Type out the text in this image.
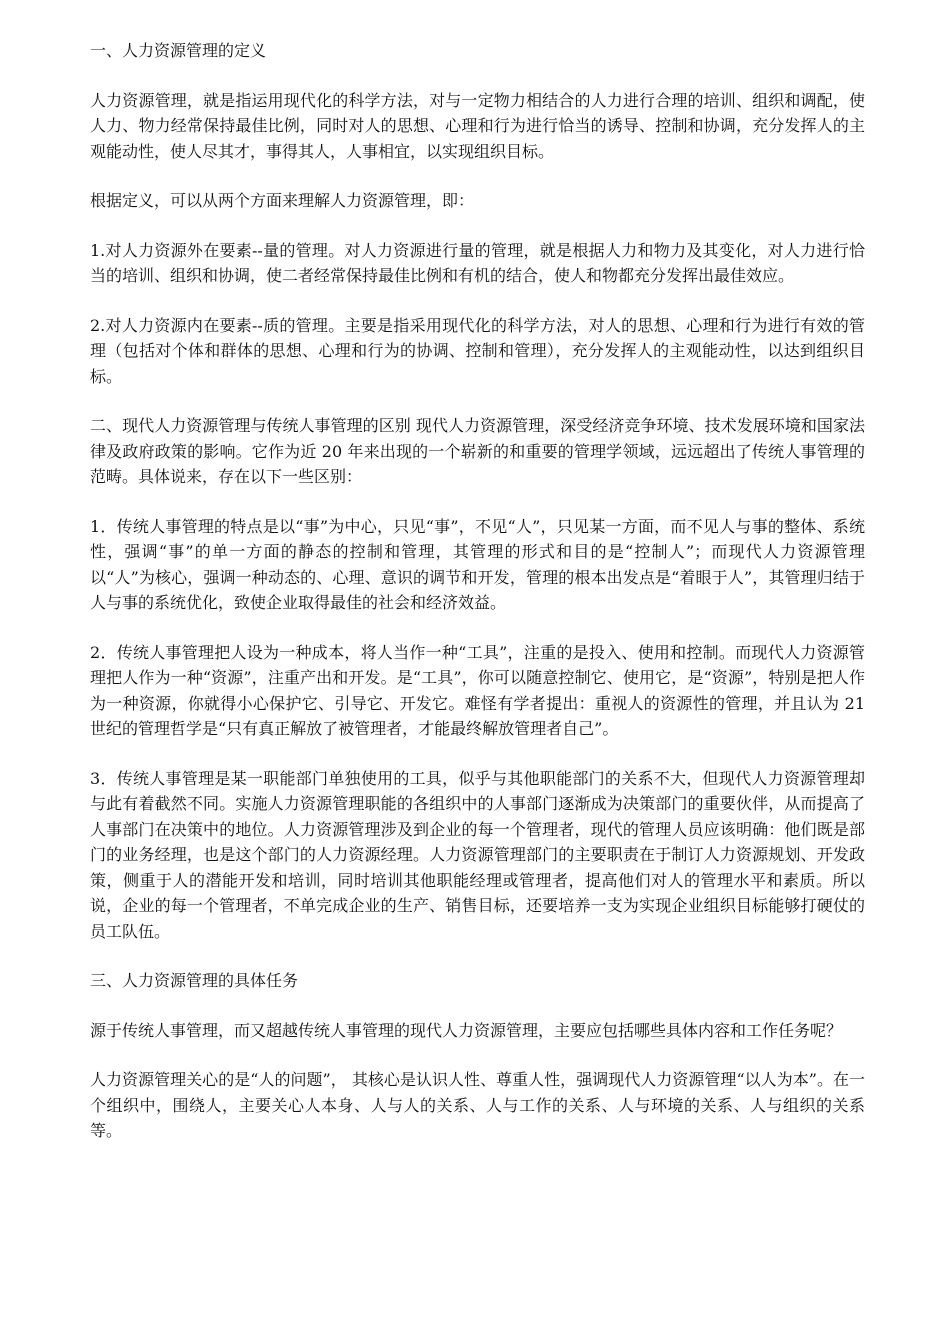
一、人力资源管理的定义

人力资源管理，就是指运用现代化的科学方法，对与一定物力相结合的人力进行合理的培训、组织和调配，使人力、物力经常保持最佳比例，同时对人的思想、心理和行为进行恰当的诱导、控制和协调，充分发挥人的主观能动性，使人尽其才，事得其人，人事相宜，以实现组织目标。

根据定义，可以从两个方面来理解人力资源管理，即：

1.对人力资源外在要素--量的管理。对人力资源进行量的管理，就是根据人力和物力及其变化，对人力进行恰当的培训、组织和协调，使二者经常保持最佳比例和有机的结合，使人和物都充分发挥出最佳效应。

2.对人力资源内在要素--质的管理。主要是指采用现代化的科学方法，对人的思想、心理和行为进行有效的管理（包括对个体和群体的思想、心理和行为的协调、控制和管理），充分发挥人的主观能动性，以达到组织目标。

二、现代人力资源管理与传统人事管理的区别 现代人力资源管理，深受经济竞争环境、技术发展环境和国家法律及政府政策的影响。它作为近 20 年来出现的一个崭新的和重要的管理学领域，远远超出了传统人事管理的范畴。具体说来，存在以下一些区别：

1．传统人事管理的特点是以“事”为中心，只见“事”，不见“人”，只见某一方面，而不见人与事的整体、系统性，强调“事”的单一方面的静态的控制和管理，其管理的形式和目的是“控制人”；而现代人力资源管理以“人”为核心，强调一种动态的、心理、意识的调节和开发，管理的根本出发点是“着眼于人”，其管理归结于人与事的系统优化，致使企业取得最佳的社会和经济效益。

2．传统人事管理把人设为一种成本，将人当作一种“工具”，注重的是投入、使用和控制。而现代人力资源管理把人作为一种“资源”，注重产出和开发。是“工具”，你可以随意控制它、使用它，是“资源”，特别是把人作为一种资源，你就得小心保护它、引导它、开发它。难怪有学者提出：重视人的资源性的管理，并且认为 21 世纪的管理哲学是“只有真正解放了被管理者，才能最终解放管理者自己”。

3．传统人事管理是某一职能部门单独使用的工具，似乎与其他职能部门的关系不大，但现代人力资源管理却与此有着截然不同。实施人力资源管理职能的各组织中的人事部门逐渐成为决策部门的重要伙伴，从而提高了人事部门在决策中的地位。人力资源管理涉及到企业的每一个管理者，现代的管理人员应该明确：他们既是部门的业务经理，也是这个部门的人力资源经理。人力资源管理部门的主要职责在于制订人力资源规划、开发政策，侧重于人的潜能开发和培训，同时培训其他职能经理或管理者，提高他们对人的管理水平和素质。所以说，企业的每一个管理者，不单完成企业的生产、销售目标，还要培养一支为实现企业组织目标能够打硬仗的员工队伍。

三、人力资源管理的具体任务

源于传统人事管理，而又超越传统人事管理的现代人力资源管理，主要应包括哪些具体内容和工作任务呢？

人力资源管理关心的是“人的问题”， 其核心是认识人性、尊重人性，强调现代人力资源管理“以人为本”。在一个组织中，围绕人，主要关心人本身、人与人的关系、人与工作的关系、人与环境的关系、人与组织的关系等。
